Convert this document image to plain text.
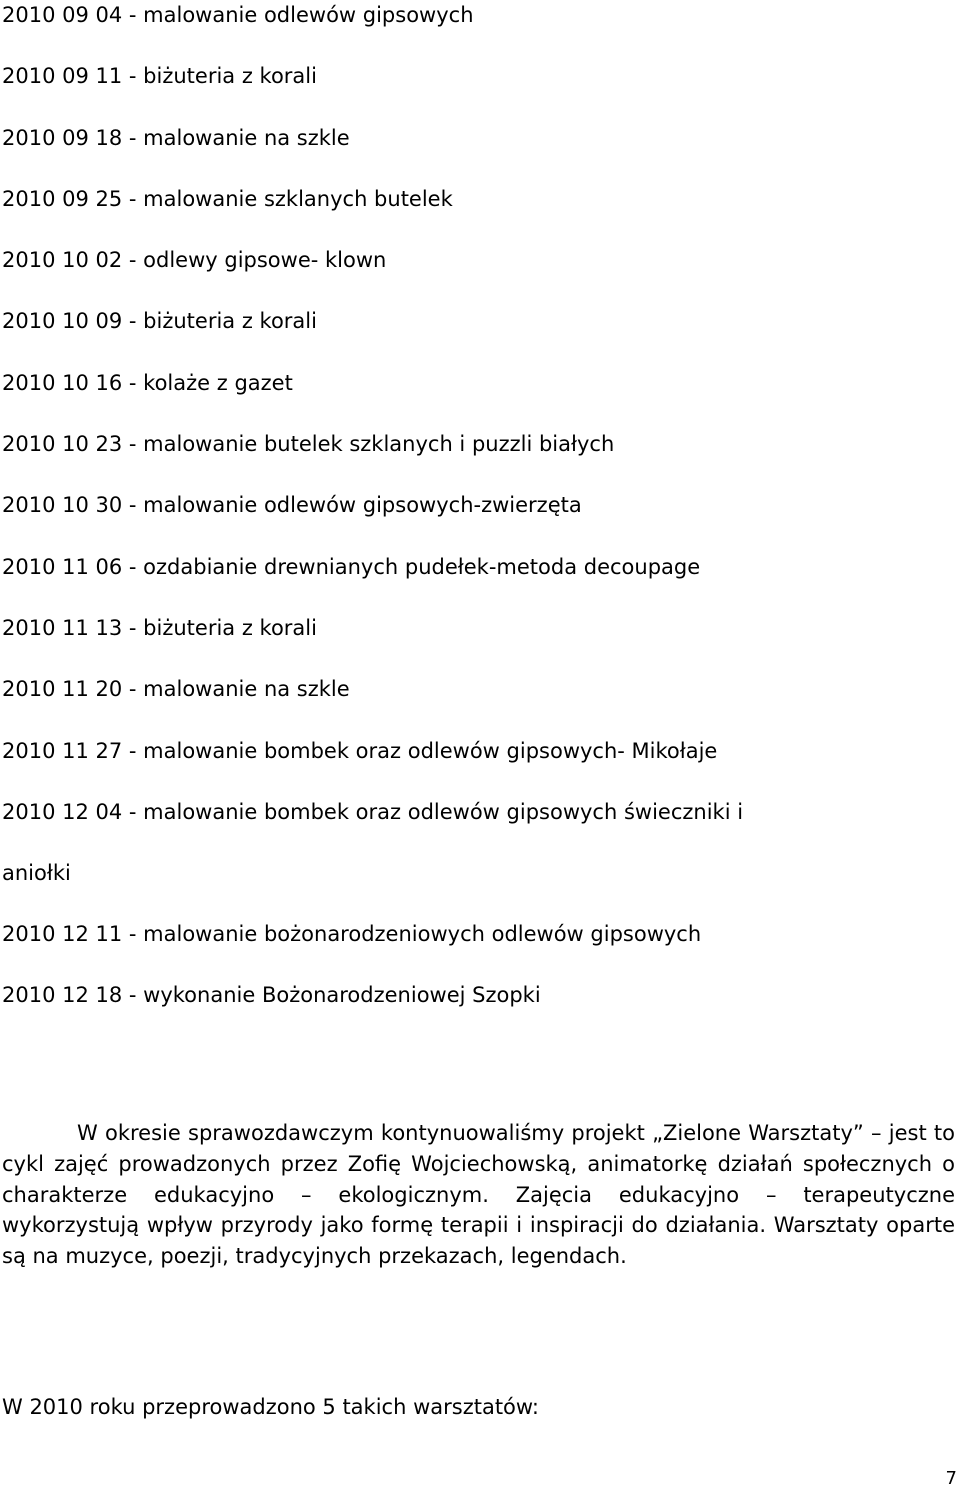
2010 09 04 - malowanie odlewów gipsowych
2010 09 11 - biżuteria z korali
2010 09 18 - malowanie na szkle
2010 09 25 - malowanie szklanych butelek
2010 10 02 - odlewy gipsowe- klown
2010 10 09 - biżuteria z korali
2010 10 16 - kolaże z gazet
2010 10 23 - malowanie butelek szklanych i puzzli białych
2010 10 30 - malowanie odlewów gipsowych-zwierzęta
2010 11 06 - ozdabianie drewnianych pudełek-metoda decoupage
2010 11 13 - biżuteria z korali
2010 11 20 - malowanie na szkle
2010 11 27 - malowanie bombek oraz odlewów gipsowych- Mikołaje
2010 12 04 - malowanie bombek oraz odlewów gipsowych świeczniki i
aniołki
2010 12 11 - malowanie bożonarodzeniowych odlewów gipsowych
2010 12 18 - wykonanie Bożonarodzeniowej Szopki

W okresie sprawozdawczym kontynuowaliśmy projekt „Zielone Warsztaty” – jest to cykl zajęć prowadzonych przez Zofię Wojciechowską, animatorkę działań społecznych o charakterze edukacyjno – ekologicznym. Zajęcia edukacyjno – terapeutyczne wykorzystują wpływ przyrody jako formę terapii i inspiracji do działania. Warsztaty oparte są na muzyce, poezji, tradycyjnych przekazach, legendach.

W 2010 roku przeprowadzono 5 takich warsztatów:

7
